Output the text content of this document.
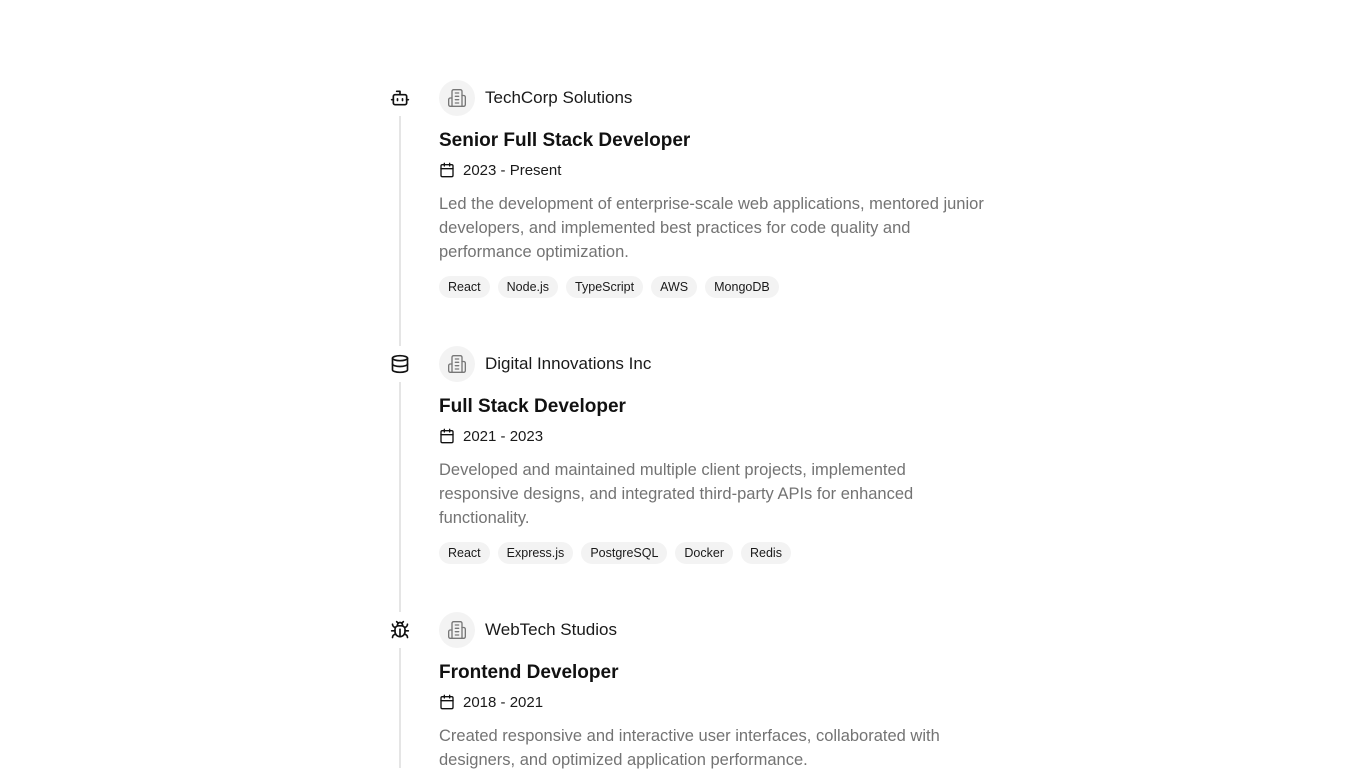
TechCorp Solutions
Senior Full Stack Developer
2023 - Present
Led the development of enterprise-scale web applications, mentored junior developers, and implemented best practices for code quality and performance optimization.
React	Node.js	TypeScript	AWS	MongoDB
Digital Innovations Inc
Full Stack Developer
2021 - 2023
Developed and maintained multiple client projects, implemented responsive designs, and integrated third-party APIs for enhanced functionality.
React	Express.js	PostgreSQL	Docker	Redis
WebTech Studios
Frontend Developer
2018 - 2021
Created responsive and interactive user interfaces, collaborated with designers, and optimized application performance.
